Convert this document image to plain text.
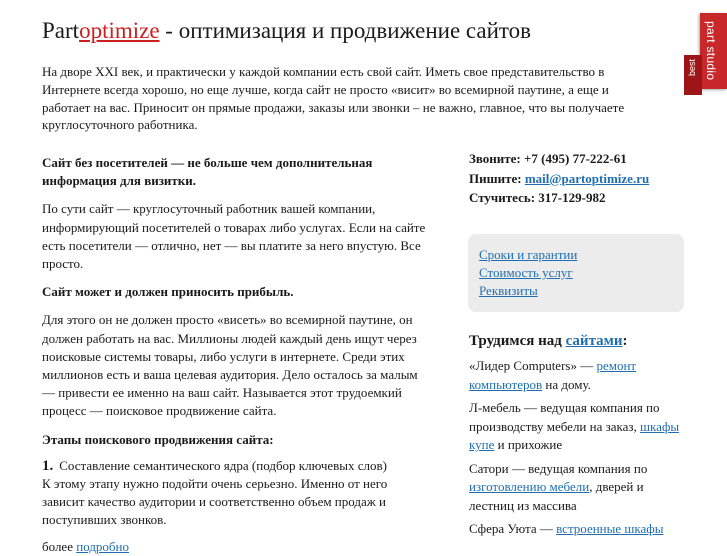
Partoptimize - оптимизация и продвижение сайтов	part studio
best

На дворе XXI век, и практически у каждой компании есть свой сайт. Иметь свое представительство в Интернете всегда хорошо, но еще лучше, когда сайт не просто «висит» во всемирной паутине, а еще и работает на вас. Приносит он прямые продажи, заказы или звонки – не важно, главное, что вы получаете круглосуточного работника.

Сайт без посетителей — не больше чем дополнительная информация для визитки.

По сути сайт — круглосуточный работник вашей компании, информирующий посетителей о товарах либо услугах. Если на сайте есть посетители — отлично, нет — вы платите за него впустую. Все просто.

Сайт может и должен приносить прибыль.

Для этого он не должен просто «висеть» во всемирной паутине, он должен работать на вас. Миллионы людей каждый день ищут через поисковые системы товары, либо услуги в интернете. Среди этих миллионов есть и ваша целевая аудитория. Дело осталось за малым — привести ее именно на ваш сайт. Называется этот трудоемкий процесс — поисковое продвижение сайта.

Этапы поискового продвижения сайта:

1. Составление семантического ядра (подбор ключевых слов)

К этому этапу нужно подойти очень серьезно. Именно от него зависит качество аудитории и соответственно объем продаж и поступивших звонков.

более подробно

Звоните: +7 (495) 77-222-61

Пишите: mail@partoptimize.ru

Стучитесь: 317-129-982

Сроки и гарантии
Стоимость услуг
Реквизиты
Трудимся над сайтами:

«Лидер Computers» — ремонт компьютеров на дому.

Л-мебель — ведущая компания по производству мебели на заказ, шкафы купе и прихожие

Сатори — ведущая компания по изготовлению мебели, дверей и лестниц из массива

Сфера Уюта — встроенные шкафы
